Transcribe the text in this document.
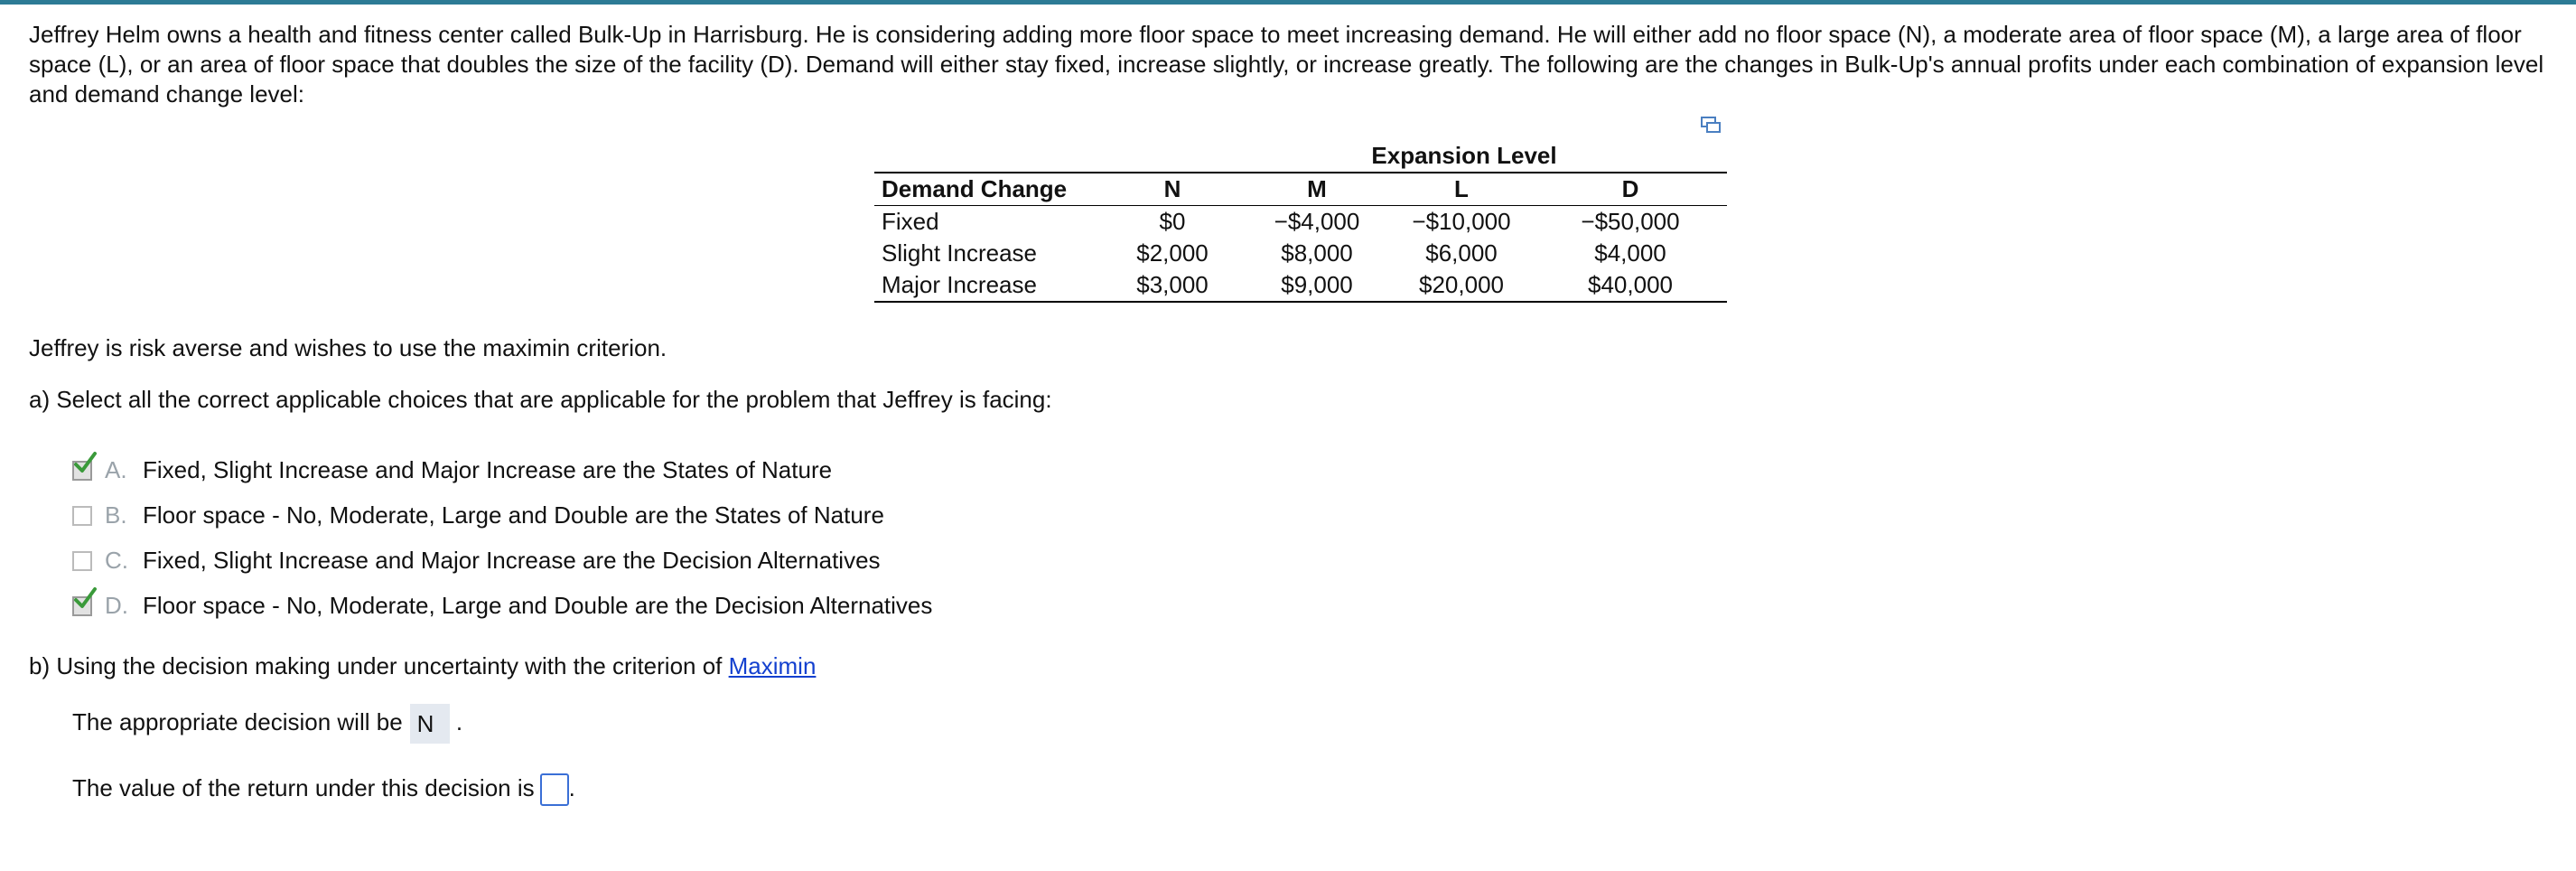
Jeffrey Helm owns a health and fitness center called Bulk-Up in Harrisburg. He is considering adding more floor space to meet increasing demand. He will either add no floor space (N), a moderate area of floor space (M), a large area of floor space (L), or an area of floor space that doubles the size of the facility (D). Demand will either stay fixed, increase slightly, or increase greatly. The following are the changes in Bulk-Up's annual profits under each combination of expansion level and demand change level:

	Expansion Level			
Demand Change	N	M	L	D
Fixed	$0	−$4,000	−$10,000	−$50,000
Slight Increase	$2,000	$8,000	$6,000	$4,000
Major Increase	$3,000	$9,000	$20,000	$40,000

Jeffrey is risk averse and wishes to use the maximin criterion.

a) Select all the correct applicable choices that are applicable for the problem that Jeffrey is facing:

A. Fixed, Slight Increase and Major Increase are the States of Nature
B. Floor space - No, Moderate, Large and Double are the States of Nature
C. Fixed, Slight Increase and Major Increase are the Decision Alternatives
D. Floor space - No, Moderate, Large and Double are the Decision Alternatives

b) Using the decision making under uncertainty with the criterion of Maximin

The appropriate decision will be N .

The value of the return under this decision is .
